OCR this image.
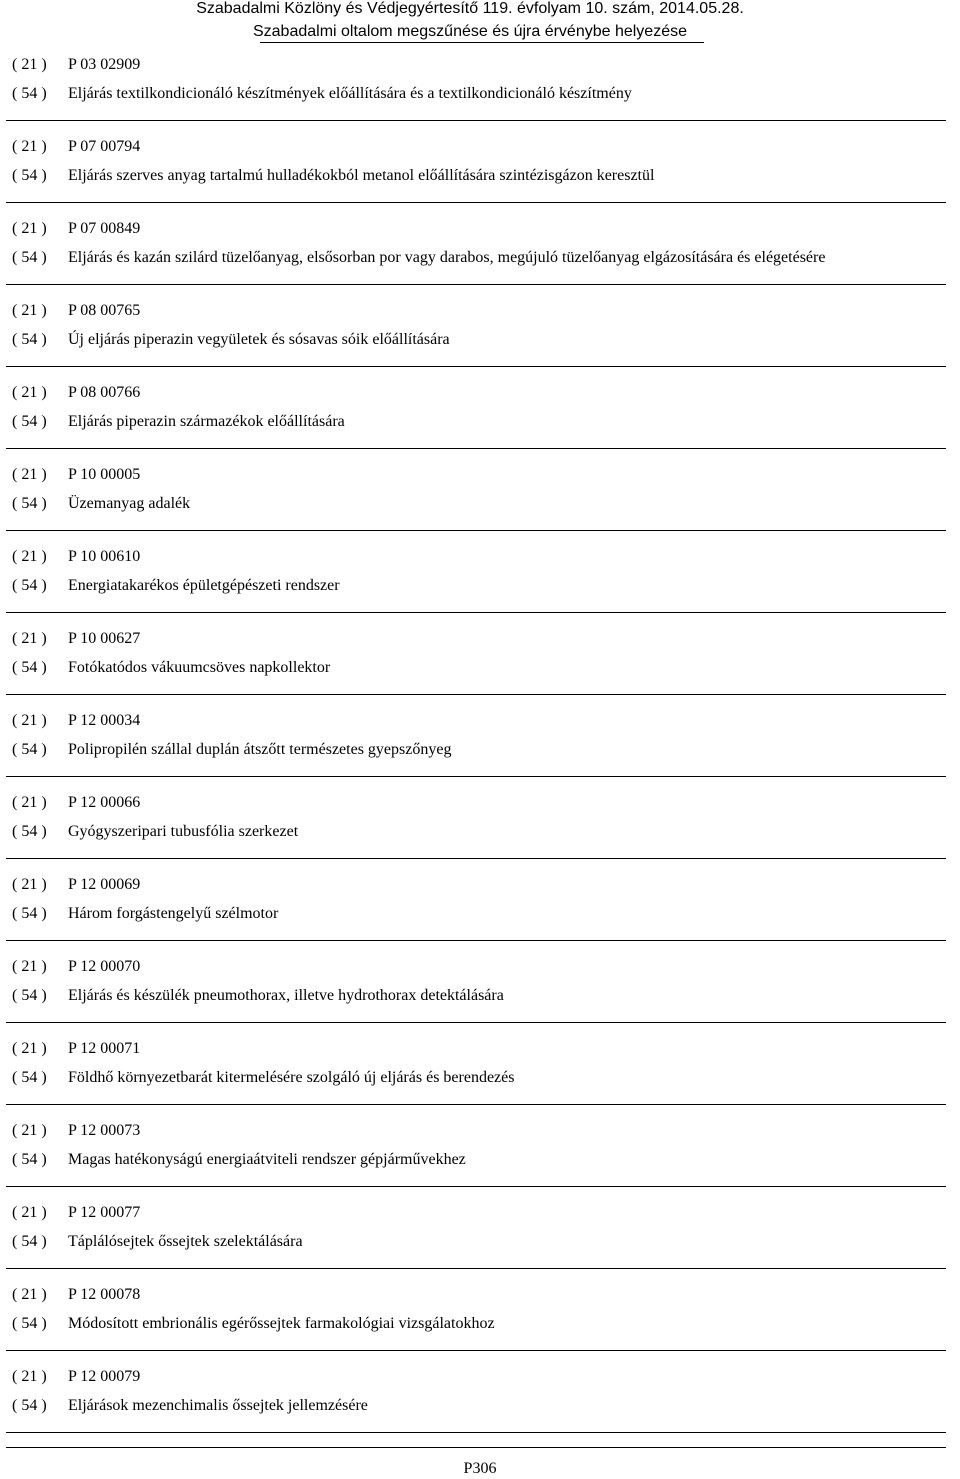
Szabadalmi Közlöny és Védjegyértesítő 119. évfolyam 10. szám, 2014.05.28.
Szabadalmi oltalom megszűnése és újra érvénybe helyezése
( 21 ) P 03 02909
( 54 ) Eljárás textilkondicionáló készítmények előállítására és a textilkondicionáló készítmény
( 21 ) P 07 00794
( 54 ) Eljárás szerves anyag tartalmú hulladékokból metanol előállítására szintézisgázon keresztül
( 21 ) P 07 00849
( 54 ) Eljárás és kazán szilárd tüzelőanyag, elsősorban por vagy darabos, megújuló tüzelőanyag elgázosítására és elégetésére
( 21 ) P 08 00765
( 54 ) Új eljárás piperazin vegyületek és sósavas sóik előállítására
( 21 ) P 08 00766
( 54 ) Eljárás piperazin származékok előállítására
( 21 ) P 10 00005
( 54 ) Üzemanyag adalék
( 21 ) P 10 00610
( 54 ) Energiatakarékos épületgépészeti rendszer
( 21 ) P 10 00627
( 54 ) Fotókatódos vákuumcsöves napkollektor
( 21 ) P 12 00034
( 54 ) Polipropilén szállal duplán átszőtt természetes gyepszőnyeg
( 21 ) P 12 00066
( 54 ) Gyógyszeripari tubusfólia szerkezet
( 21 ) P 12 00069
( 54 ) Három forgástengelyű szélmotor
( 21 ) P 12 00070
( 54 ) Eljárás és készülék pneumothorax, illetve hydrothorax detektálására
( 21 ) P 12 00071
( 54 ) Földhő környezetbarát kitermelésére szolgáló új eljárás és berendezés
( 21 ) P 12 00073
( 54 ) Magas hatékonyságú energiaátviteli rendszer gépjárművekhez
( 21 ) P 12 00077
( 54 ) Táplálósejtek őssejtek szelektálására
( 21 ) P 12 00078
( 54 ) Módosított embrionális egérőssejtek farmakológiai vizsgálatokhoz
( 21 ) P 12 00079
( 54 ) Eljárások mezenchimalis őssejtek jellemzésére
P306
